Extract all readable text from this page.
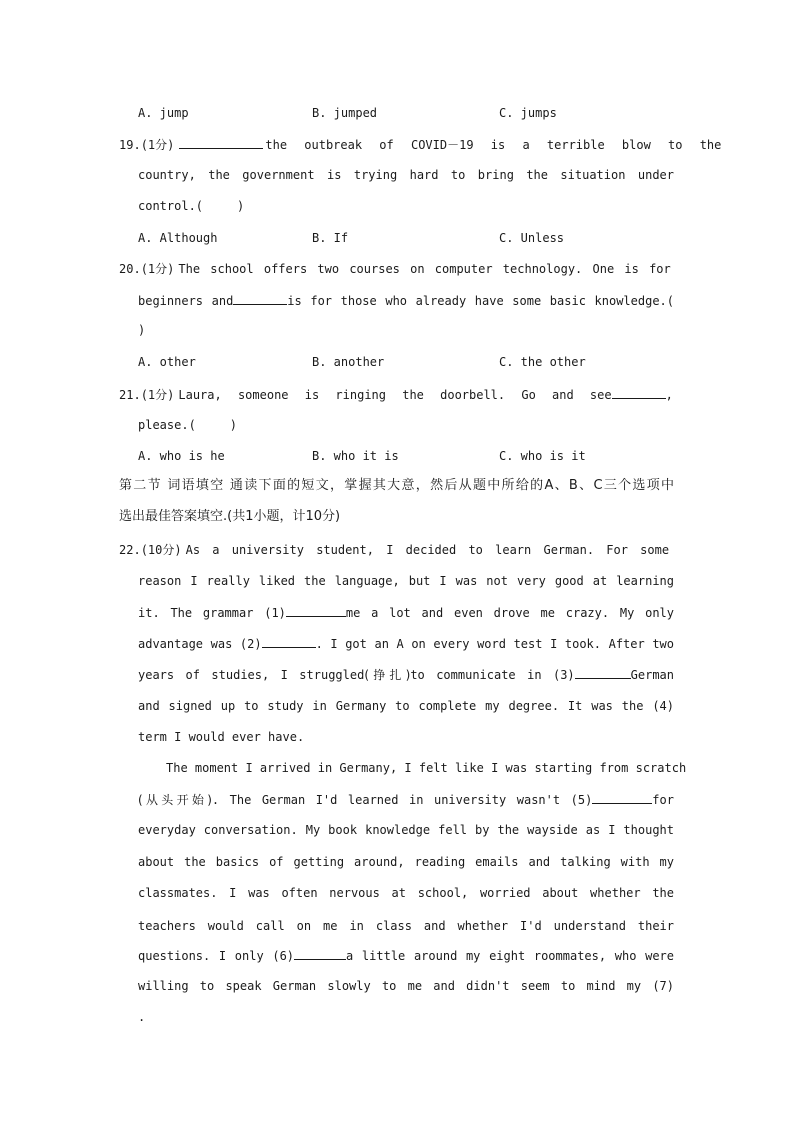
A. jump	B. jumped	C. jumps
19.(1分)	the outbreak of COVID－19 is a terrible blow to the
country, the government is trying hard to bring the situation under
control.(	)
A. Although	B. If	C. Unless
20.(1分) The school offers two courses on computer technology. One is for
beginners and	is for those who already have some basic knowledge.(
)
A. other	B. another	C. the other
21.(1分) Laura, someone is ringing the doorbell. Go and see	,
please.(	)
A. who is he	B. who it is	C. who is it
第二节 词语填空 通读下面的短文，掌握其大意，然后从题中所给的A、B、C三个选项中
选出最佳答案填空.(共1小题，计10分)
22.(10分) As a university student, I decided to learn German. For some
reason I really liked the language, but I was not very good at learning
it. The grammar (1)	me a lot and even drove me crazy. My only
advantage was (2)	. I got an A on every word test I took. After two
years of studies, I struggled(挣扎)to communicate in (3)	German
and signed up to study in Germany to complete my degree. It was the (4)
term I would ever have.
The moment I arrived in Germany, I felt like I was starting from scratch
(从头开始). The German I'd learned in university wasn't (5)	for
everyday conversation. My book knowledge fell by the wayside as I thought
about the basics of getting around, reading emails and talking with my
classmates. I was often nervous at school, worried about whether the
teachers would call on me in class and whether I'd understand their
questions. I only (6)	a little around my eight roommates, who were
willing to speak German slowly to me and didn't seem to mind my (7)
.
